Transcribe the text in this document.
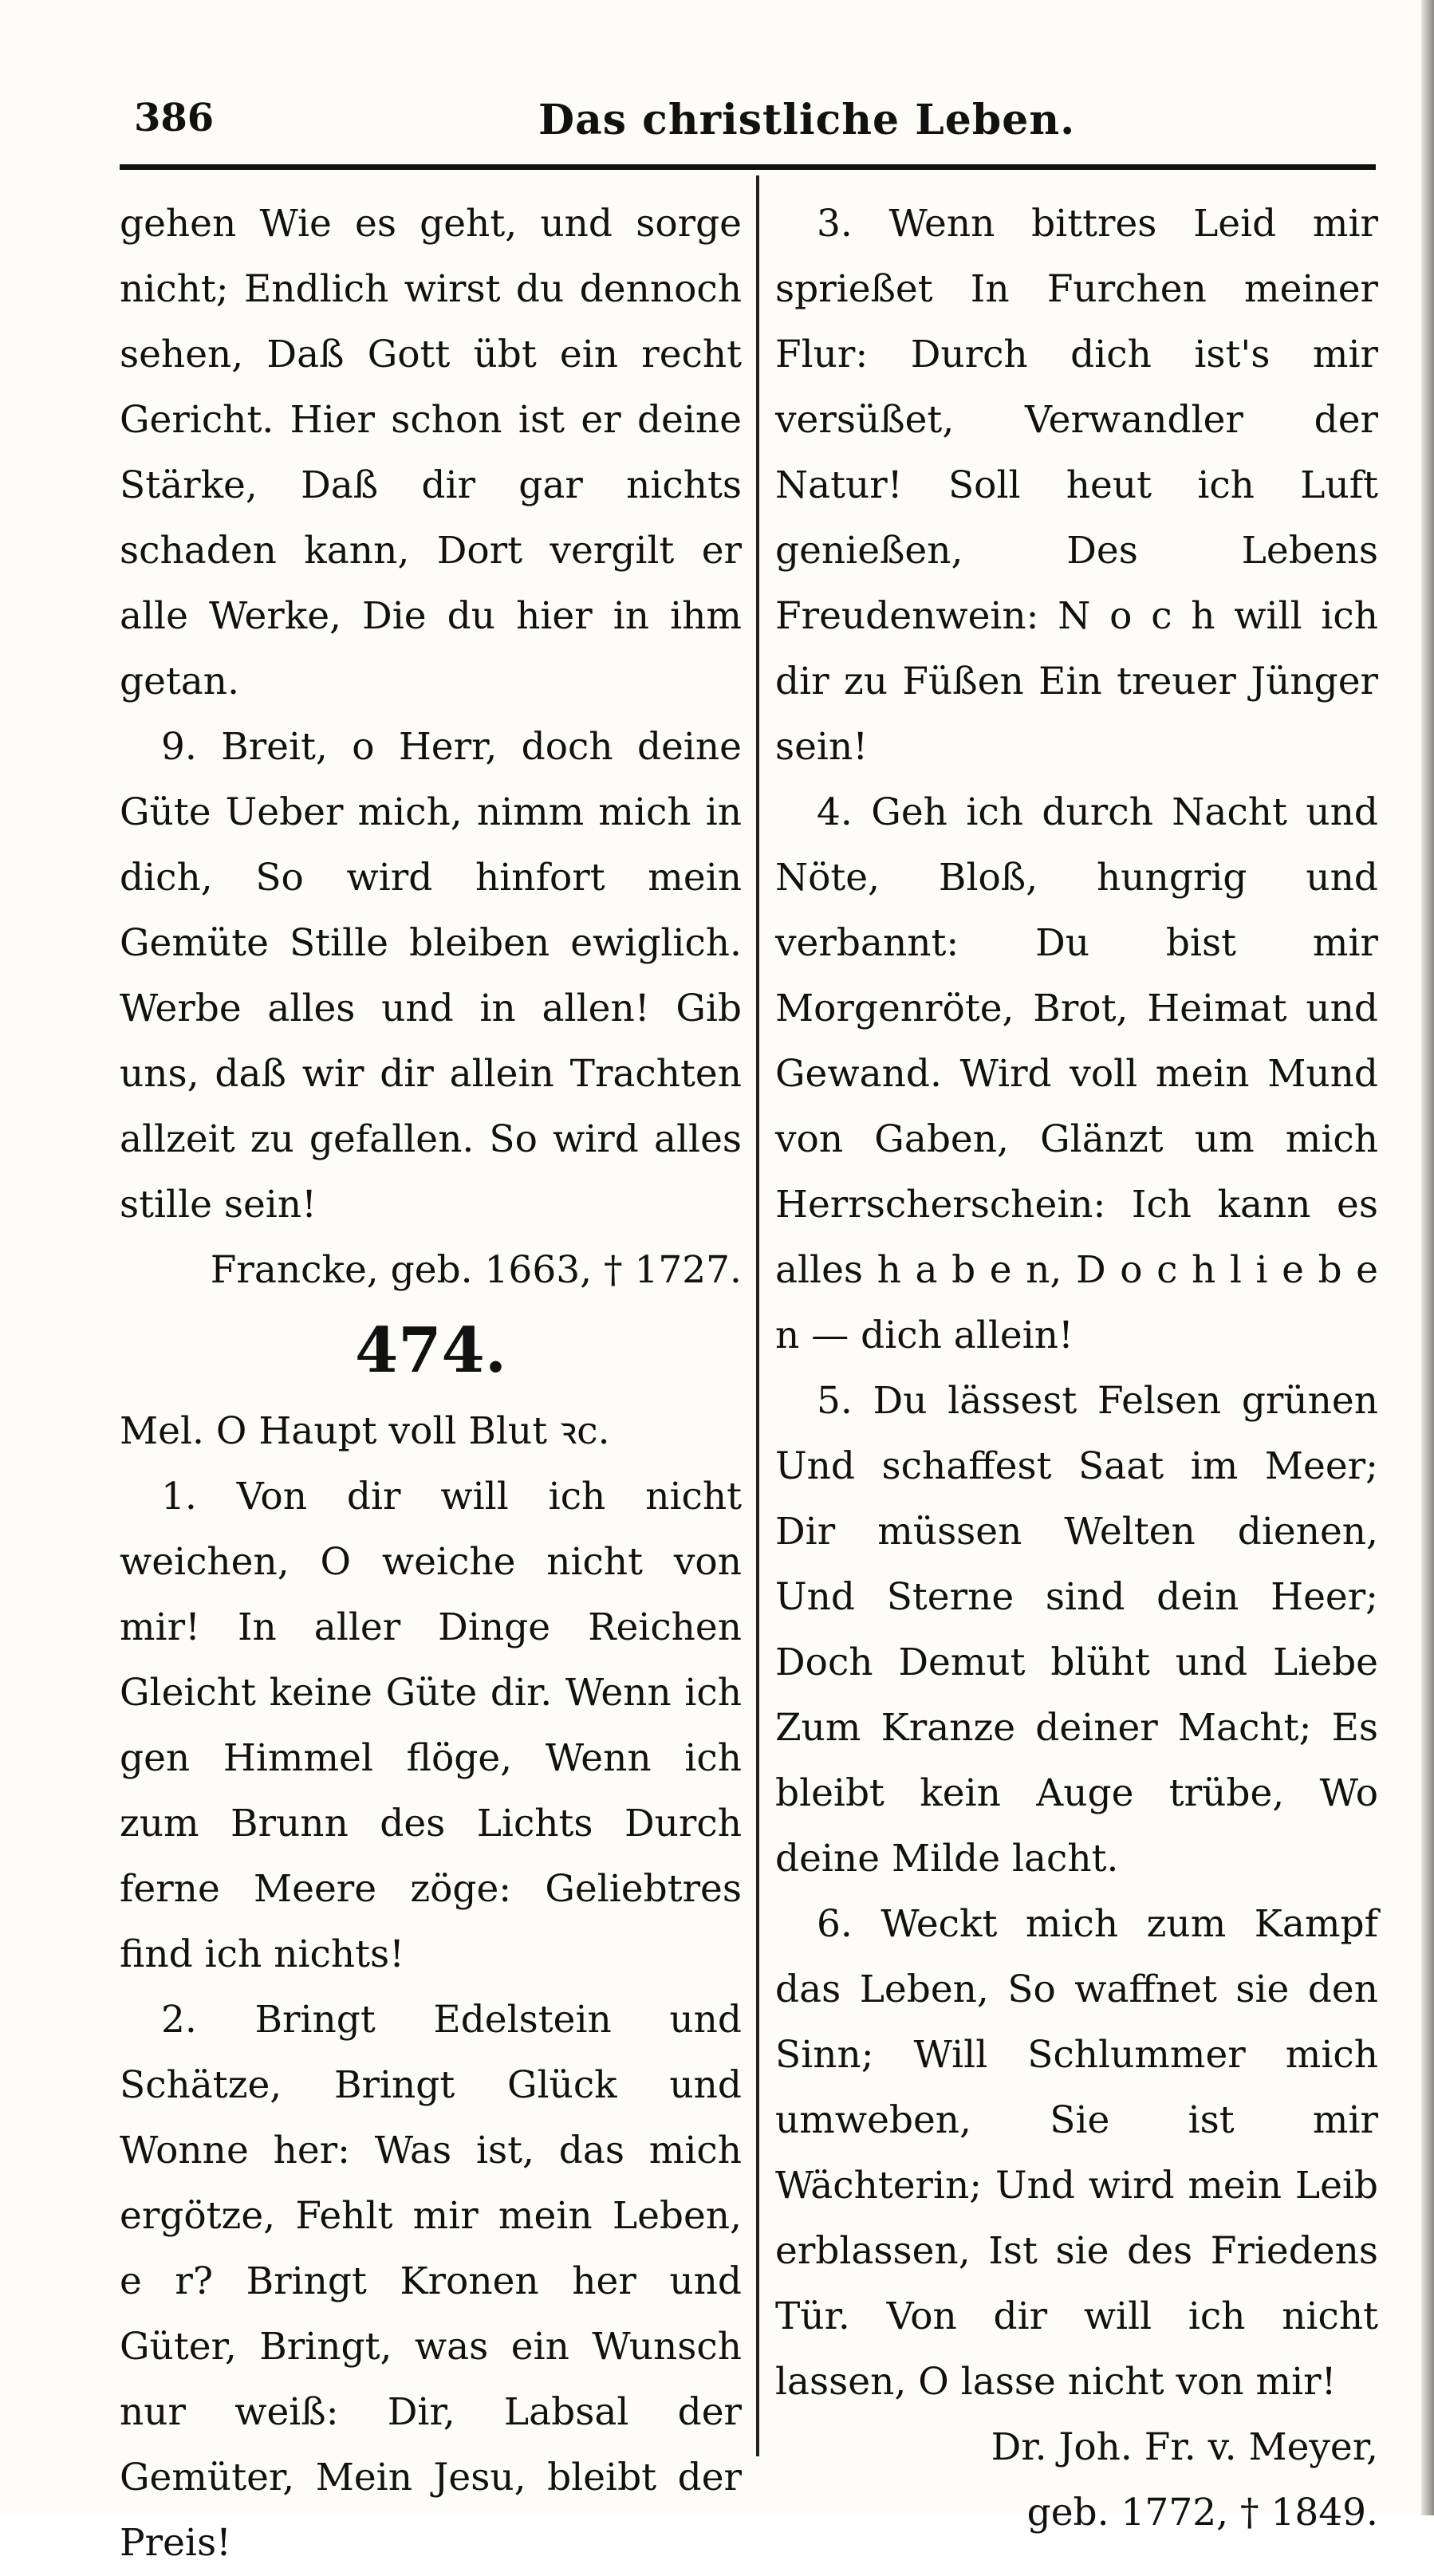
386	Das christliche Leben.

gehen Wie es geht, und sorge nicht; Endlich wirst du dennoch sehen, Daß Gott übt ein recht Gericht. Hier schon ist er deine Stärke, Daß dir gar nichts schaden kann, Dort vergilt er alle Werke, Die du hier in ihm getan.

9. Breit, o Herr, doch deine Güte Ueber mich, nimm mich in dich, So wird hinfort mein Gemüte Stille bleiben ewiglich. Werbe alles und in allen! Gib uns, daß wir dir allein Trachten allzeit zu gefallen. So wird alles stille sein!

Francke, geb. 1663, † 1727.

474.

Mel. O Haupt voll Blut ꝛc.

1. Von dir will ich nicht weichen, O weiche nicht von mir! In aller Dinge Reichen Gleicht keine Güte dir. Wenn ich gen Himmel flöge, Wenn ich zum Brunn des Lichts Durch ferne Meere zöge: Geliebtres find ich nichts!

2. Bringt Edelstein und Schätze, Bringt Glück und Wonne her: Was ist, das mich ergötze, Fehlt mir mein Leben, e r? Bringt Kronen her und Güter, Bringt, was ein Wunsch nur weiß: Dir, Labsal der Gemüter, Mein Jesu, bleibt der Preis!

3. Wenn bittres Leid mir sprießet In Furchen meiner Flur: Durch dich ist's mir versüßet, Verwandler der Natur! Soll heut ich Luft genießen, Des Lebens Freudenwein: N o c h will ich dir zu Füßen Ein treuer Jünger sein!

4. Geh ich durch Nacht und Nöte, Bloß, hungrig und verbannt: Du bist mir Morgenröte, Brot, Heimat und Gewand. Wird voll mein Mund von Gaben, Glänzt um mich Herrscherschein: Ich kann es alles h a b e n, D o c h l i e b e n — dich allein!

5. Du lässest Felsen grünen Und schaffest Saat im Meer; Dir müssen Welten dienen, Und Sterne sind dein Heer; Doch Demut blüht und Liebe Zum Kranze deiner Macht; Es bleibt kein Auge trübe, Wo deine Milde lacht.

6. Weckt mich zum Kampf das Leben, So waffnet sie den Sinn; Will Schlummer mich umweben, Sie ist mir Wächterin; Und wird mein Leib erblassen, Ist sie des Friedens Tür. Von dir will ich nicht lassen, O lasse nicht von mir!

Dr. Joh. Fr. v. Meyer,

geb. 1772, † 1849.
